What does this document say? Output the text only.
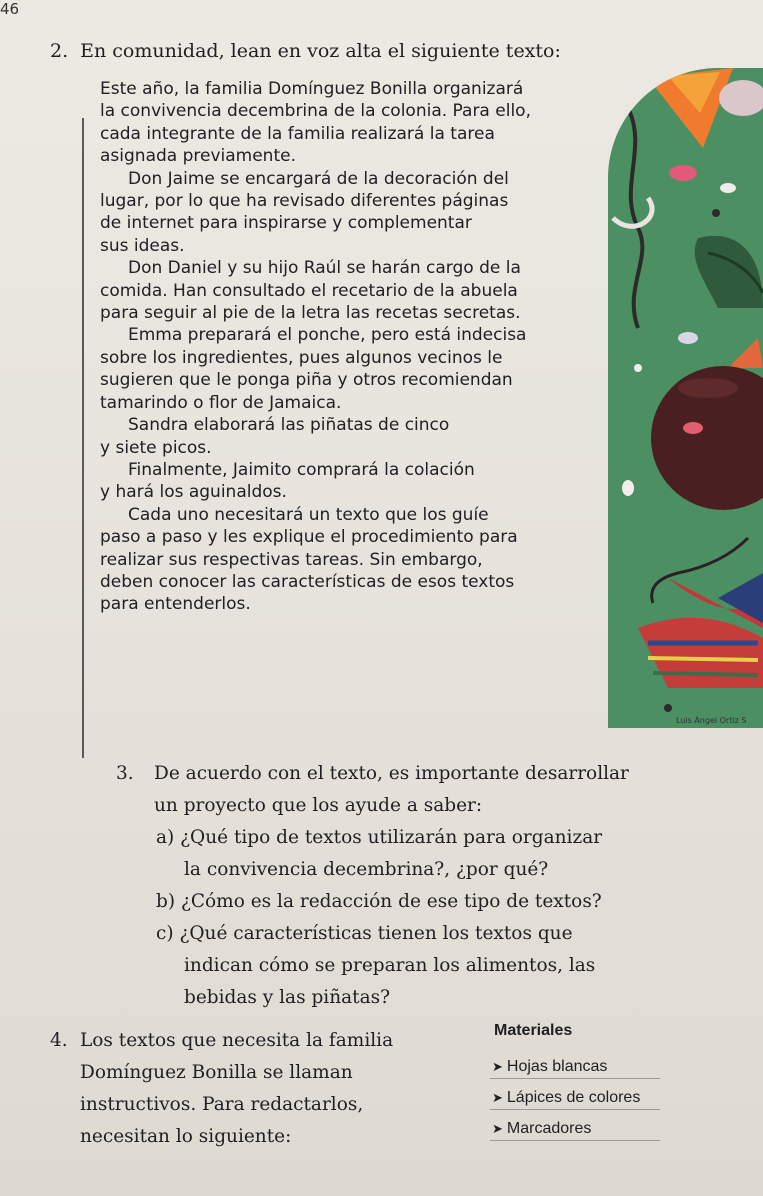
46
2. En comunidad, lean en voz alta el siguiente texto:
Luis Ángel Ortiz S

Este año, la familia Domínguez Bonilla organizará

la convivencia decembrina de la colonia. Para ello,

cada integrante de la familia realizará la tarea

asignada previamente.

Don Jaime se encargará de la decoración del

lugar, por lo que ha revisado diferentes páginas

de internet para inspirarse y complementar

sus ideas.

Don Daniel y su hijo Raúl se harán cargo de la

comida. Han consultado el recetario de la abuela

para seguir al pie de la letra las recetas secretas.

Emma preparará el ponche, pero está indecisa

sobre los ingredientes, pues algunos vecinos le

sugieren que le ponga piña y otros recomiendan

tamarindo o flor de Jamaica.

Sandra elaborará las piñatas de cinco

y siete picos.

Finalmente, Jaimito comprará la colación

y hará los aguinaldos.

Cada uno necesitará un texto que los guíe

paso a paso y les explique el procedimiento para

realizar sus respectivas tareas. Sin embargo,

deben conocer las características de esos textos

para entenderlos.

3. De acuerdo con el texto, es importante desarrollar
un proyecto que los ayude a saber:
a) ¿Qué tipo de textos utilizarán para organizar
la convivencia decembrina?, ¿por qué?
b) ¿Cómo es la redacción de ese tipo de textos?
c) ¿Qué características tienen los textos que
indican cómo se preparan los alimentos, las
bebidas y las piñatas?
4. Los textos que necesita la familia
Domínguez Bonilla se llaman
instructivos. Para redactarlos,
necesitan lo siguiente:
Materiales
➤ Hojas blancas
➤ Lápices de colores
➤ Marcadores
